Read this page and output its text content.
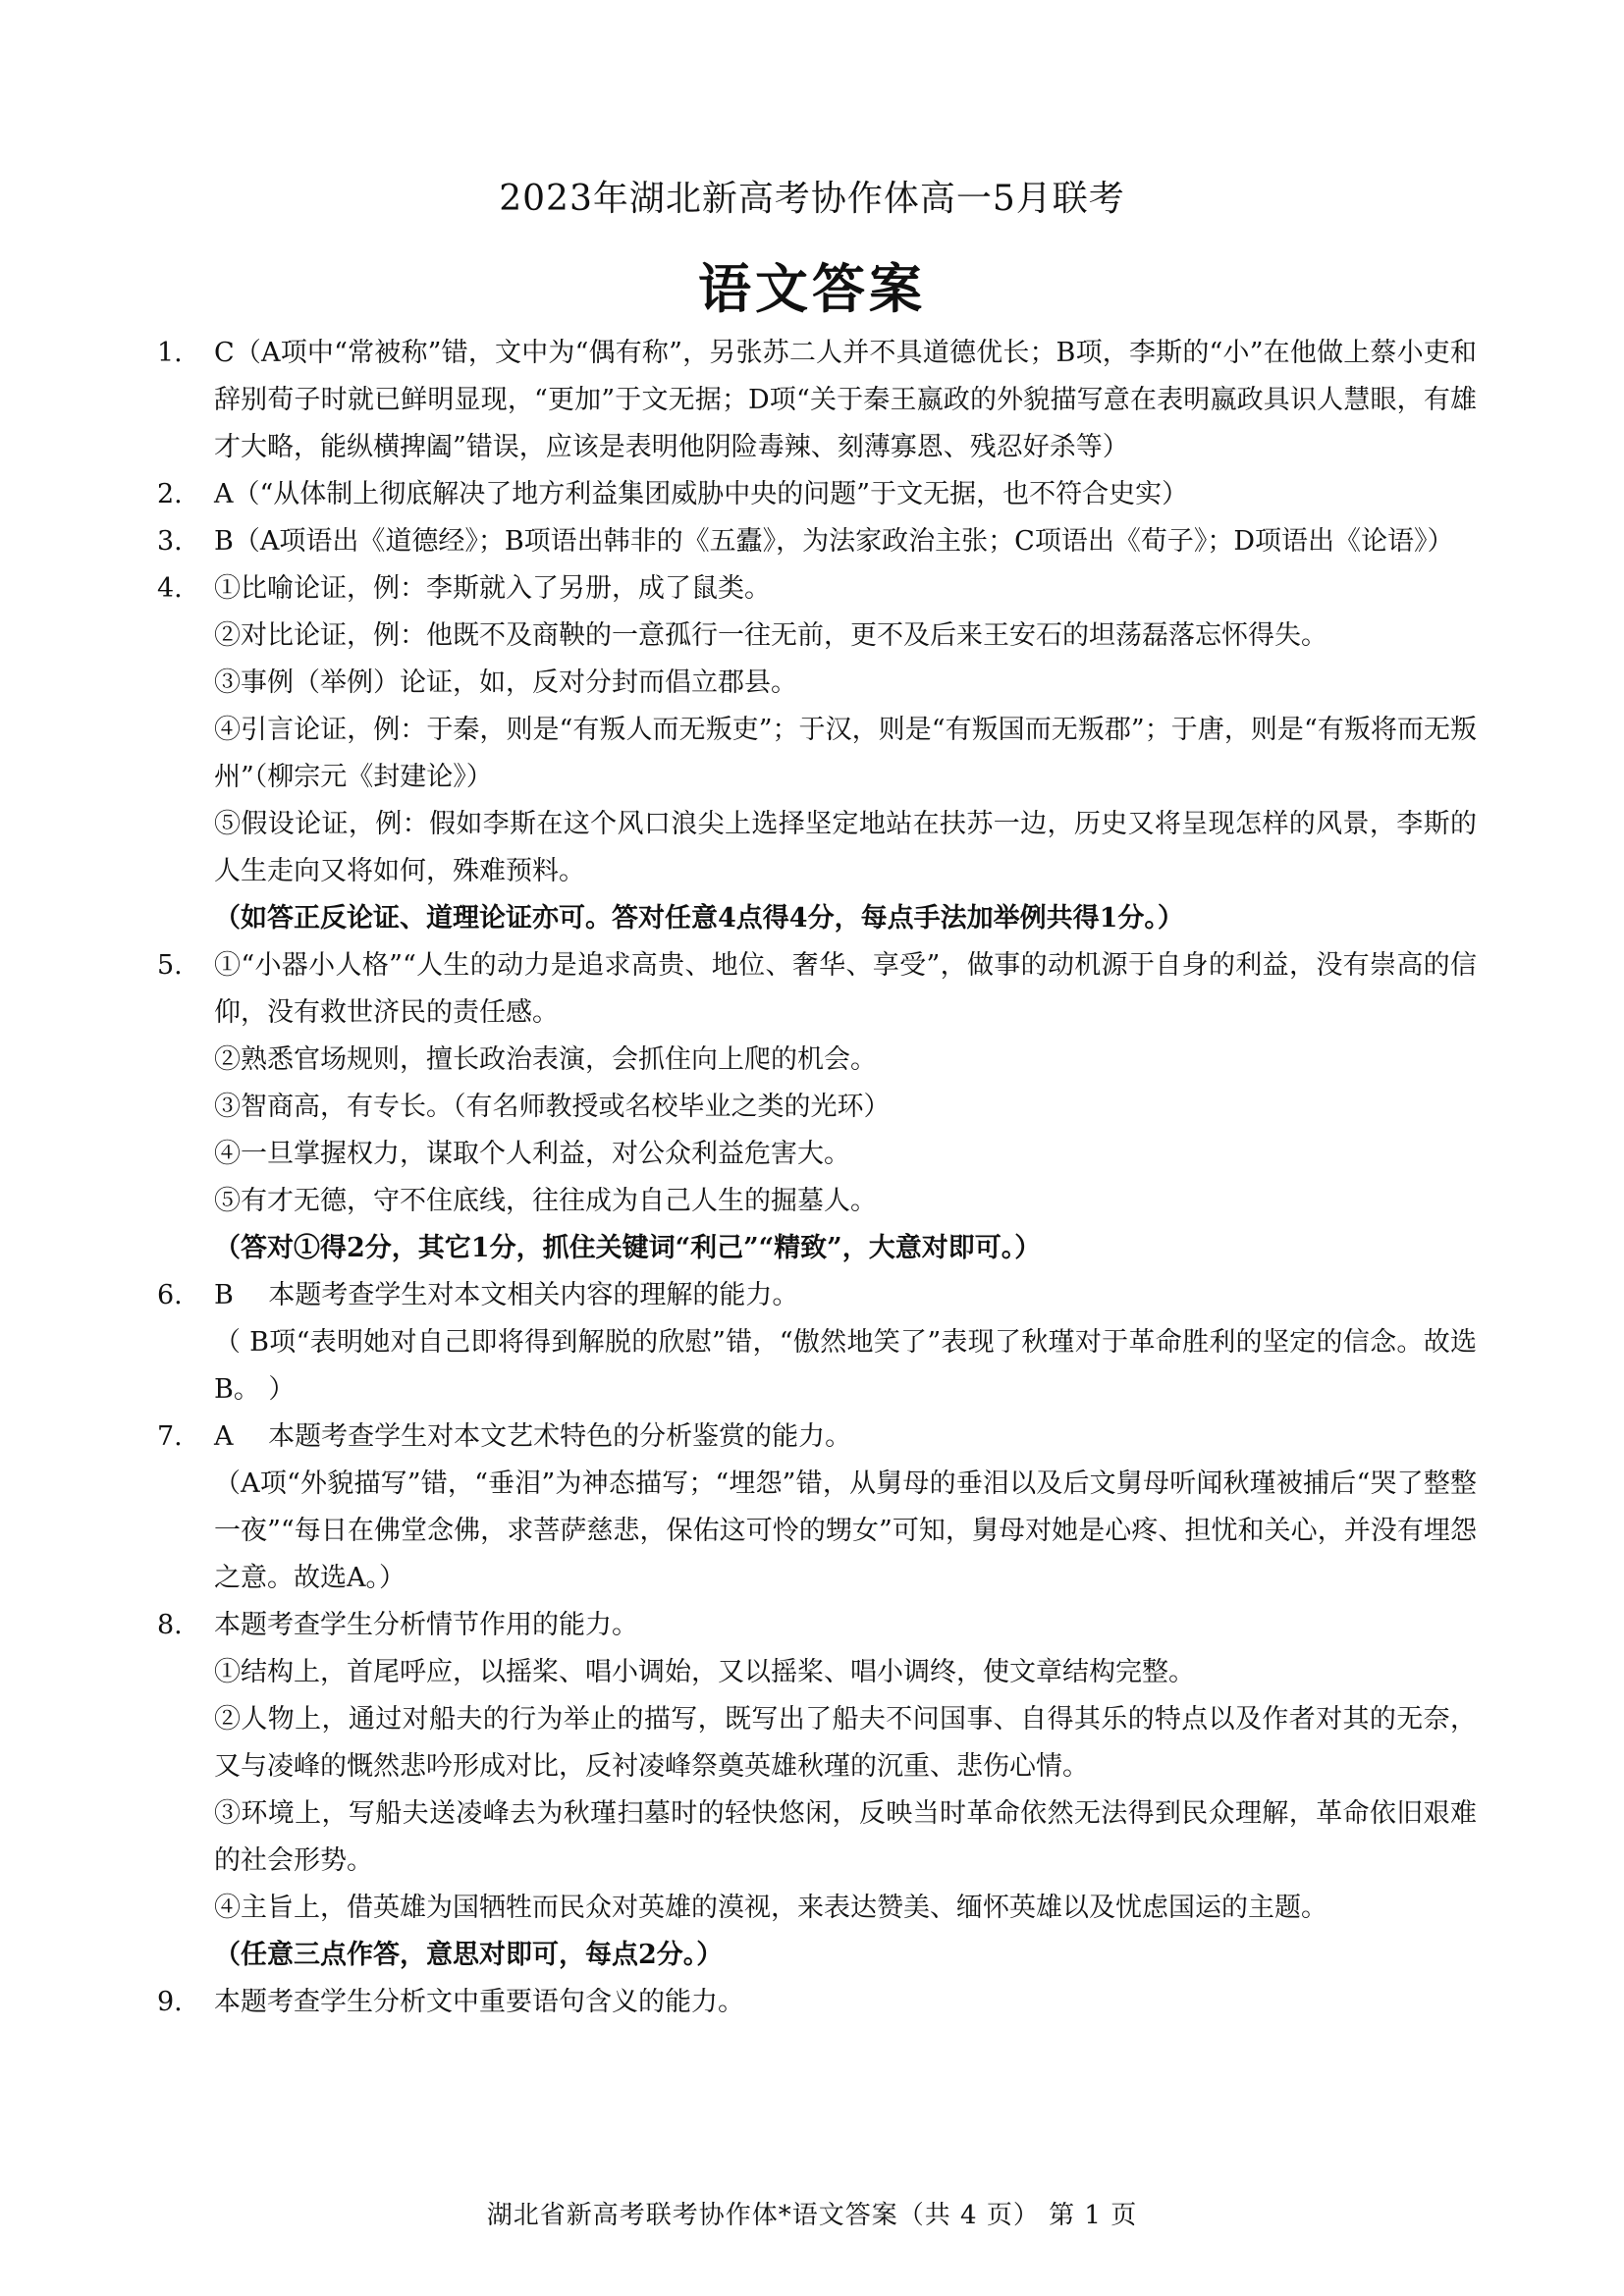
2023年湖北新高考协作体高一5月联考
语文答案
1. C（A项中“常被称”错，文中为“偶有称”，另张苏二人并不具道德优长；B项，李斯的“小”在他做上蔡小吏和辞别荀子时就已鲜明显现，“更加”于文无据；D项“关于秦王嬴政的外貌描写意在表明嬴政具识人慧眼，有雄才大略，能纵横捭阖”错误，应该是表明他阴险毒辣、刻薄寡恩、残忍好杀等）
2. A（“从体制上彻底解决了地方利益集团威胁中央的问题”于文无据，也不符合史实）
3. B（A项语出《道德经》；B项语出韩非的《五蠹》，为法家政治主张；C项语出《荀子》；D项语出《论语》）
4. ①比喻论证，例：李斯就入了另册，成了鼠类。
②对比论证，例：他既不及商鞅的一意孤行一往无前，更不及后来王安石的坦荡磊落忘怀得失。
③事例（举例）论证，如，反对分封而倡立郡县。
④引言论证，例：于秦，则是“有叛人而无叛吏”；于汉，则是“有叛国而无叛郡”；于唐，则是“有叛将而无叛州”（柳宗元《封建论》）
⑤假设论证，例：假如李斯在这个风口浪尖上选择坚定地站在扶苏一边，历史又将呈现怎样的风景，李斯的人生走向又将如何，殊难预料。
（如答正反论证、道理论证亦可。答对任意4点得4分，每点手法加举例共得1分。）
5. ①“小器小人格”“人生的动力是追求高贵、地位、奢华、享受”，做事的动机源于自身的利益，没有崇高的信仰，没有救世济民的责任感。
②熟悉官场规则，擅长政治表演，会抓住向上爬的机会。
③智商高，有专长。（有名师教授或名校毕业之类的光环）
④一旦掌握权力，谋取个人利益，对公众利益危害大。
⑤有才无德，守不住底线，往往成为自己人生的掘墓人。
（答对①得2分，其它1分，抓住关键词“利己”“精致”，大意对即可。）
6. B　 本题考查学生对本文相关内容的理解的能力。
（ B项“表明她对自己即将得到解脱的欣慰”错，“傲然地笑了”表现了秋瑾对于革命胜利的坚定的信念。故选B。 ）
7. A　 本题考查学生对本文艺术特色的分析鉴赏的能力。
（A项“外貌描写”错，“垂泪”为神态描写；“埋怨”错，从舅母的垂泪以及后文舅母听闻秋瑾被捕后“哭了整整一夜”“每日在佛堂念佛，求菩萨慈悲，保佑这可怜的甥女”可知，舅母对她是心疼、担忧和关心，并没有埋怨之意。故选A。）
8. 本题考查学生分析情节作用的能力。
①结构上，首尾呼应，以摇桨、唱小调始，又以摇桨、唱小调终，使文章结构完整。
②人物上，通过对船夫的行为举止的描写，既写出了船夫不问国事、自得其乐的特点以及作者对其的无奈，又与凌峰的慨然悲吟形成对比，反衬凌峰祭奠英雄秋瑾的沉重、悲伤心情。
③环境上，写船夫送凌峰去为秋瑾扫墓时的轻快悠闲，反映当时革命依然无法得到民众理解，革命依旧艰难的社会形势。
④主旨上，借英雄为国牺牲而民众对英雄的漠视，来表达赞美、缅怀英雄以及忧虑国运的主题。
（任意三点作答，意思对即可，每点2分。）
9. 本题考查学生分析文中重要语句含义的能力。
湖北省新高考联考协作体*语文答案（共 4 页） 第 1 页
